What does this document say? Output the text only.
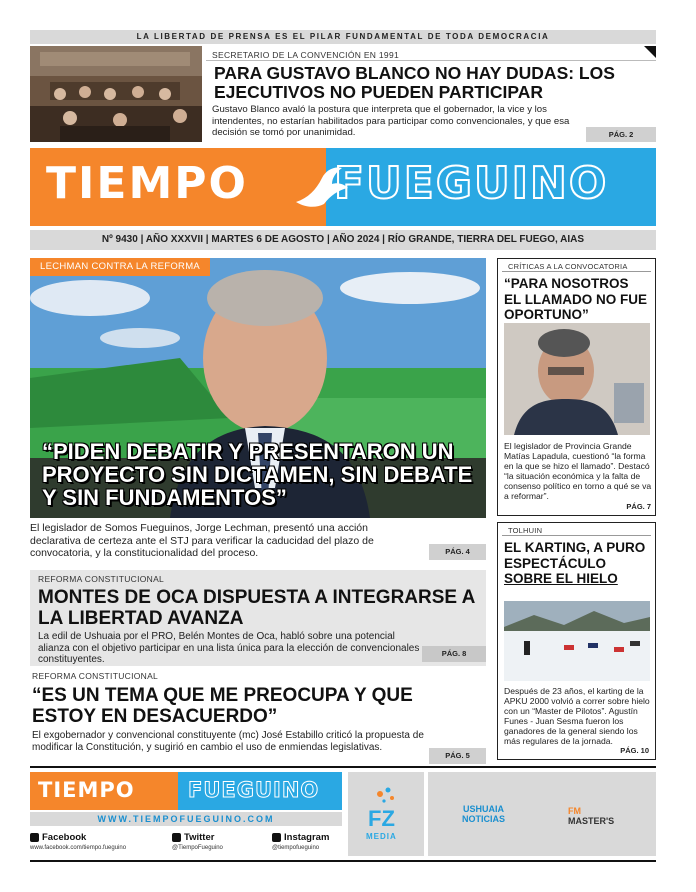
LA LIBERTAD DE PRENSA ES EL PILAR FUNDAMENTAL DE TODA DEMOCRACIA
SECRETARIO DE LA CONVENCIÓN EN 1991
PARA GUSTAVO BLANCO NO HAY DUDAS: LOS EJECUTIVOS NO PUEDEN PARTICIPAR
Gustavo Blanco avaló la postura que interpreta que el gobernador, la vice y los intendentes, no estarían habilitados para participar como convencionales, y que esa decisión se tomó por unanimidad.	PÁG. 2
TIEMPO FUEGUINO
Nº 9430 | AÑO XXXVII | MARTES 6 DE AGOSTO | AÑO 2024 | RÍO GRANDE, TIERRA DEL FUEGO, AIAS
LECHMAN CONTRA LA REFORMA
“PIDEN DEBATIR Y PRESENTARON UN PROYECTO SIN DICTAMEN, SIN DEBATE Y SIN FUNDAMENTOS”
El legislador de Somos Fueguinos, Jorge Lechman, presentó una acción declarativa de certeza ante el STJ para verificar la caducidad del plazo de convocatoria, y la constitucionalidad del proceso.	PÁG. 4
CRÍTICAS A LA CONVOCATORIA
“PARA NOSOTROS EL LLAMADO NO FUE OPORTUNO”
El legislador de Provincia Grande Matías Lapadula, cuestionó “la forma en la que se hizo el llamado”. Destacó “la situación económica y la falta de consenso político en torno a qué se va a reformar”.
PÁG. 7
REFORMA CONSTITUCIONAL
MONTES DE OCA DISPUESTA A INTEGRARSE A LA LIBERTAD AVANZA
La edil de Ushuaia por el PRO, Belén Montes de Oca, habló sobre una potencial alianza con el objetivo participar en una lista única para la elección de convencionales constituyentes.
PÁG. 8
REFORMA CONSTITUCIONAL
“ES UN TEMA QUE ME PREOCUPA Y QUE ESTOY EN DESACUERDO”
El exgobernador y convencional constituyente (mc) José Estabillo criticó la propuesta de modificar la Constitución, y sugirió en cambio el uso de enmiendas legislativas.
PÁG. 5
TOLHUIN
EL KARTING, A PURO ESPECTÁCULO
SOBRE EL HIELO
Después de 23 años, el karting de la APKU 2000 volvió a correr sobre hielo con un “Master de Pilotos”. Agustín Funes - Juan Sesma fueron los ganadores de la general siendo los más regulares de la jornada.
PÁG. 10
TIEMPO	FUEGUINO
WWW.TIEMPOFUEGUINO.COM
Facebook
www.facebook.com/tiempo.fueguino
Twitter
@TiempoFueguino
Instagram
@tiempofueguino
FZ
MEDIA
USHUAIA
NOTICIAS
FM
MASTER'S
